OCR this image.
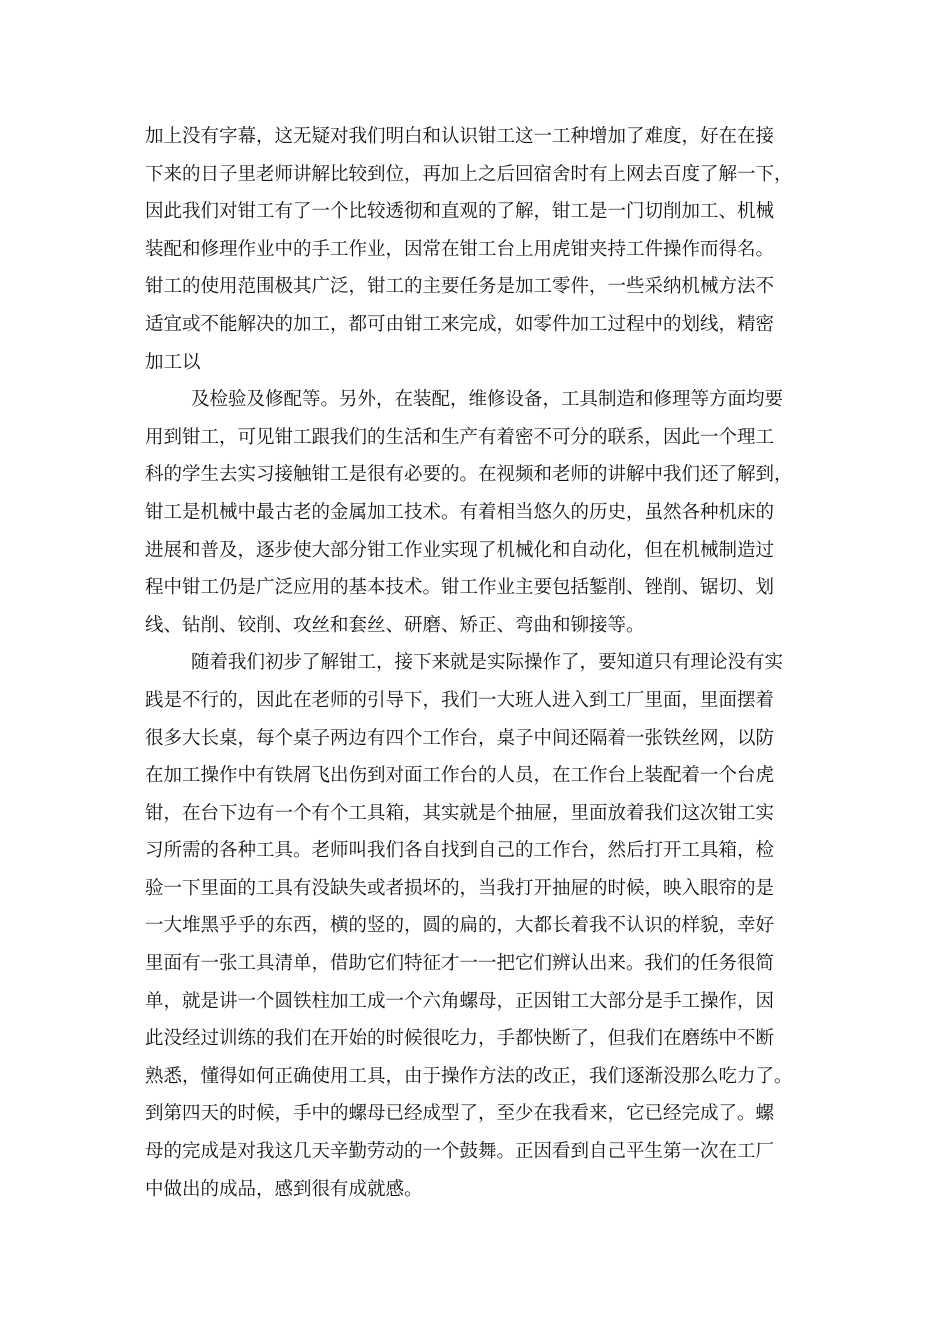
加上没有字幕，这无疑对我们明白和认识钳工这一工种增加了难度，好在在接
下来的日子里老师讲解比较到位，再加上之后回宿舍时有上网去百度了解一下，
因此我们对钳工有了一个比较透彻和直观的了解，钳工是一门切削加工、机械
装配和修理作业中的手工作业，因常在钳工台上用虎钳夹持工件操作而得名。
钳工的使用范围极其广泛，钳工的主要任务是加工零件，一些采纳机械方法不
适宜或不能解决的加工，都可由钳工来完成，如零件加工过程中的划线，精密
加工以

及检验及修配等。另外，在装配，维修设备，工具制造和修理等方面均要
用到钳工，可见钳工跟我们的生活和生产有着密不可分的联系，因此一个理工
科的学生去实习接触钳工是很有必要的。在视频和老师的讲解中我们还了解到，
钳工是机械中最古老的金属加工技术。有着相当悠久的历史，虽然各种机床的
进展和普及，逐步使大部分钳工作业实现了机械化和自动化，但在机械制造过
程中钳工仍是广泛应用的基本技术。钳工作业主要包括錾削、锉削、锯切、划
线、钻削、铰削、攻丝和套丝、研磨、矫正、弯曲和铆接等。

随着我们初步了解钳工，接下来就是实际操作了，要知道只有理论没有实
践是不行的，因此在老师的引导下，我们一大班人进入到工厂里面，里面摆着
很多大长桌，每个桌子两边有四个工作台，桌子中间还隔着一张铁丝网，以防
在加工操作中有铁屑飞出伤到对面工作台的人员，在工作台上装配着一个台虎
钳，在台下边有一个有个工具箱，其实就是个抽屉，里面放着我们这次钳工实
习所需的各种工具。老师叫我们各自找到自己的工作台，然后打开工具箱，检
验一下里面的工具有没缺失或者损坏的，当我打开抽屉的时候，映入眼帘的是
一大堆黑乎乎的东西，横的竖的，圆的扁的，大都长着我不认识的样貌，幸好
里面有一张工具清单，借助它们特征才一一把它们辨认出来。我们的任务很简
单，就是讲一个圆铁柱加工成一个六角螺母，正因钳工大部分是手工操作，因
此没经过训练的我们在开始的时候很吃力，手都快断了，但我们在磨练中不断
熟悉，懂得如何正确使用工具，由于操作方法的改正，我们逐渐没那么吃力了。
到第四天的时候，手中的螺母已经成型了，至少在我看来，它已经完成了。螺
母的完成是对我这几天辛勤劳动的一个鼓舞。正因看到自己平生第一次在工厂
中做出的成品，感到很有成就感。
